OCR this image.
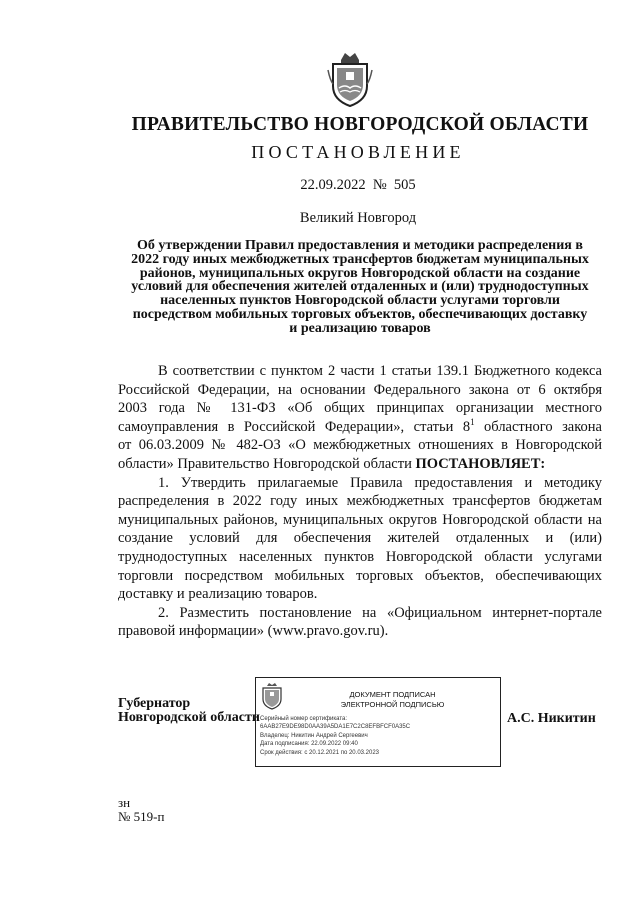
ПРАВИТЕЛЬСТВО НОВГОРОДСКОЙ ОБЛАСТИ
ПОСТАНОВЛЕНИЕ
22.09.2022 № 505
Великий Новгород
Об утверждении Правил предоставления и методики распределения в
2022 году иных межбюджетных трансфертов бюджетам муниципальных
районов, муниципальных округов Новгородской области на создание
условий для обеспечения жителей отдаленных и (или) труднодоступных
населенных пунктов Новгородской области услугами торговли
посредством мобильных торговых объектов, обеспечивающих доставку
и реализацию товаров
В соответствии с пунктом 2 части 1 статьи 139.1 Бюджетного кодекса
Российской Федерации, на основании Федерального закона от 6 октября
2003 года № 131-ФЗ «Об общих принципах организации местного
самоуправления в Российской Федерации», статьи $8^1$ областного закона
от 06.03.2009 № 482-ОЗ «О межбюджетных отношениях в Новгородской
области» Правительство Новгородской области ПОСТАНОВЛЯЕТ:
1. Утвердить прилагаемые Правила предоставления и методику
распределения в 2022 году иных межбюджетных трансфертов бюджетам
муниципальных районов, муниципальных округов Новгородской области на
создание условий для обеспечения жителей отдаленных и (или)
труднодоступных населенных пунктов Новгородской области услугами
торговли посредством мобильных торговых объектов, обеспечивающих
доставку и реализацию товаров.
2. Разместить постановление на «Официальном интернет-портале
правовой информации» (www.pravo.gov.ru).
Губернатор
Новгородской области
ДОКУМЕНТ ПОДПИСАН
ЭЛЕКТРОННОЙ ПОДПИСЬЮ
Серийный номер сертификата:
6AAB27E9DE98D0AA39A5DA1E7C2C8EFBFCF0A35C
Владелец: Никитин Андрей Сергеевич
Дата подписания: 22.09.2022 09:40
Срок действия: с 20.12.2021 по 20.03.2023
А.С. Никитин
зн
№ 519-п
